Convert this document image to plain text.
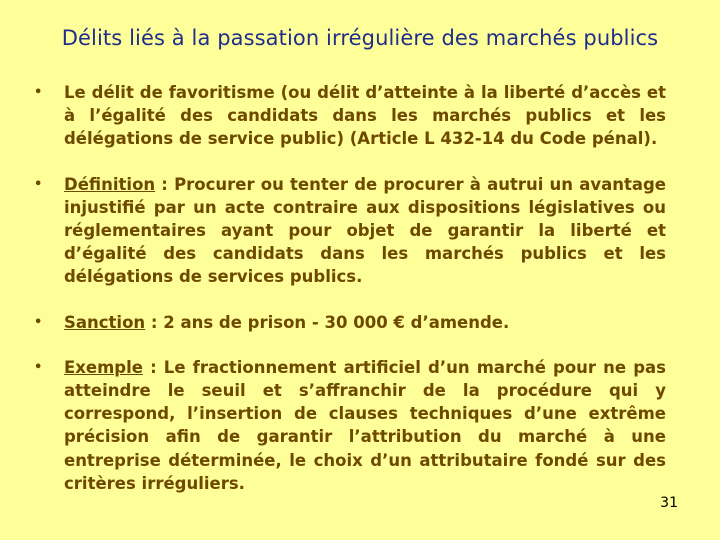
Délits liés à la passation irrégulière des marchés publics
• Le délit de favoritisme (ou délit d’atteinte à la liberté d’accès et à l’égalité des candidats dans les marchés publics et les délégations de service public) (Article L 432-14 du Code pénal).
• Définition : Procurer ou tenter de procurer à autrui un avantage injustifié par un acte contraire aux dispositions législatives ou réglementaires ayant pour objet de garantir la liberté et d’égalité des candidats dans les marchés publics et les délégations de services publics.
• Sanction : 2 ans de prison - 30 000 € d’amende.
• Exemple : Le fractionnement artificiel d’un marché pour ne pas atteindre le seuil et s’affranchir de la procédure qui y correspond, l’insertion de clauses techniques d’une extrême précision afin de garantir l’attribution du marché à une entreprise déterminée, le choix d’un attributaire fondé sur des critères irréguliers.
31
